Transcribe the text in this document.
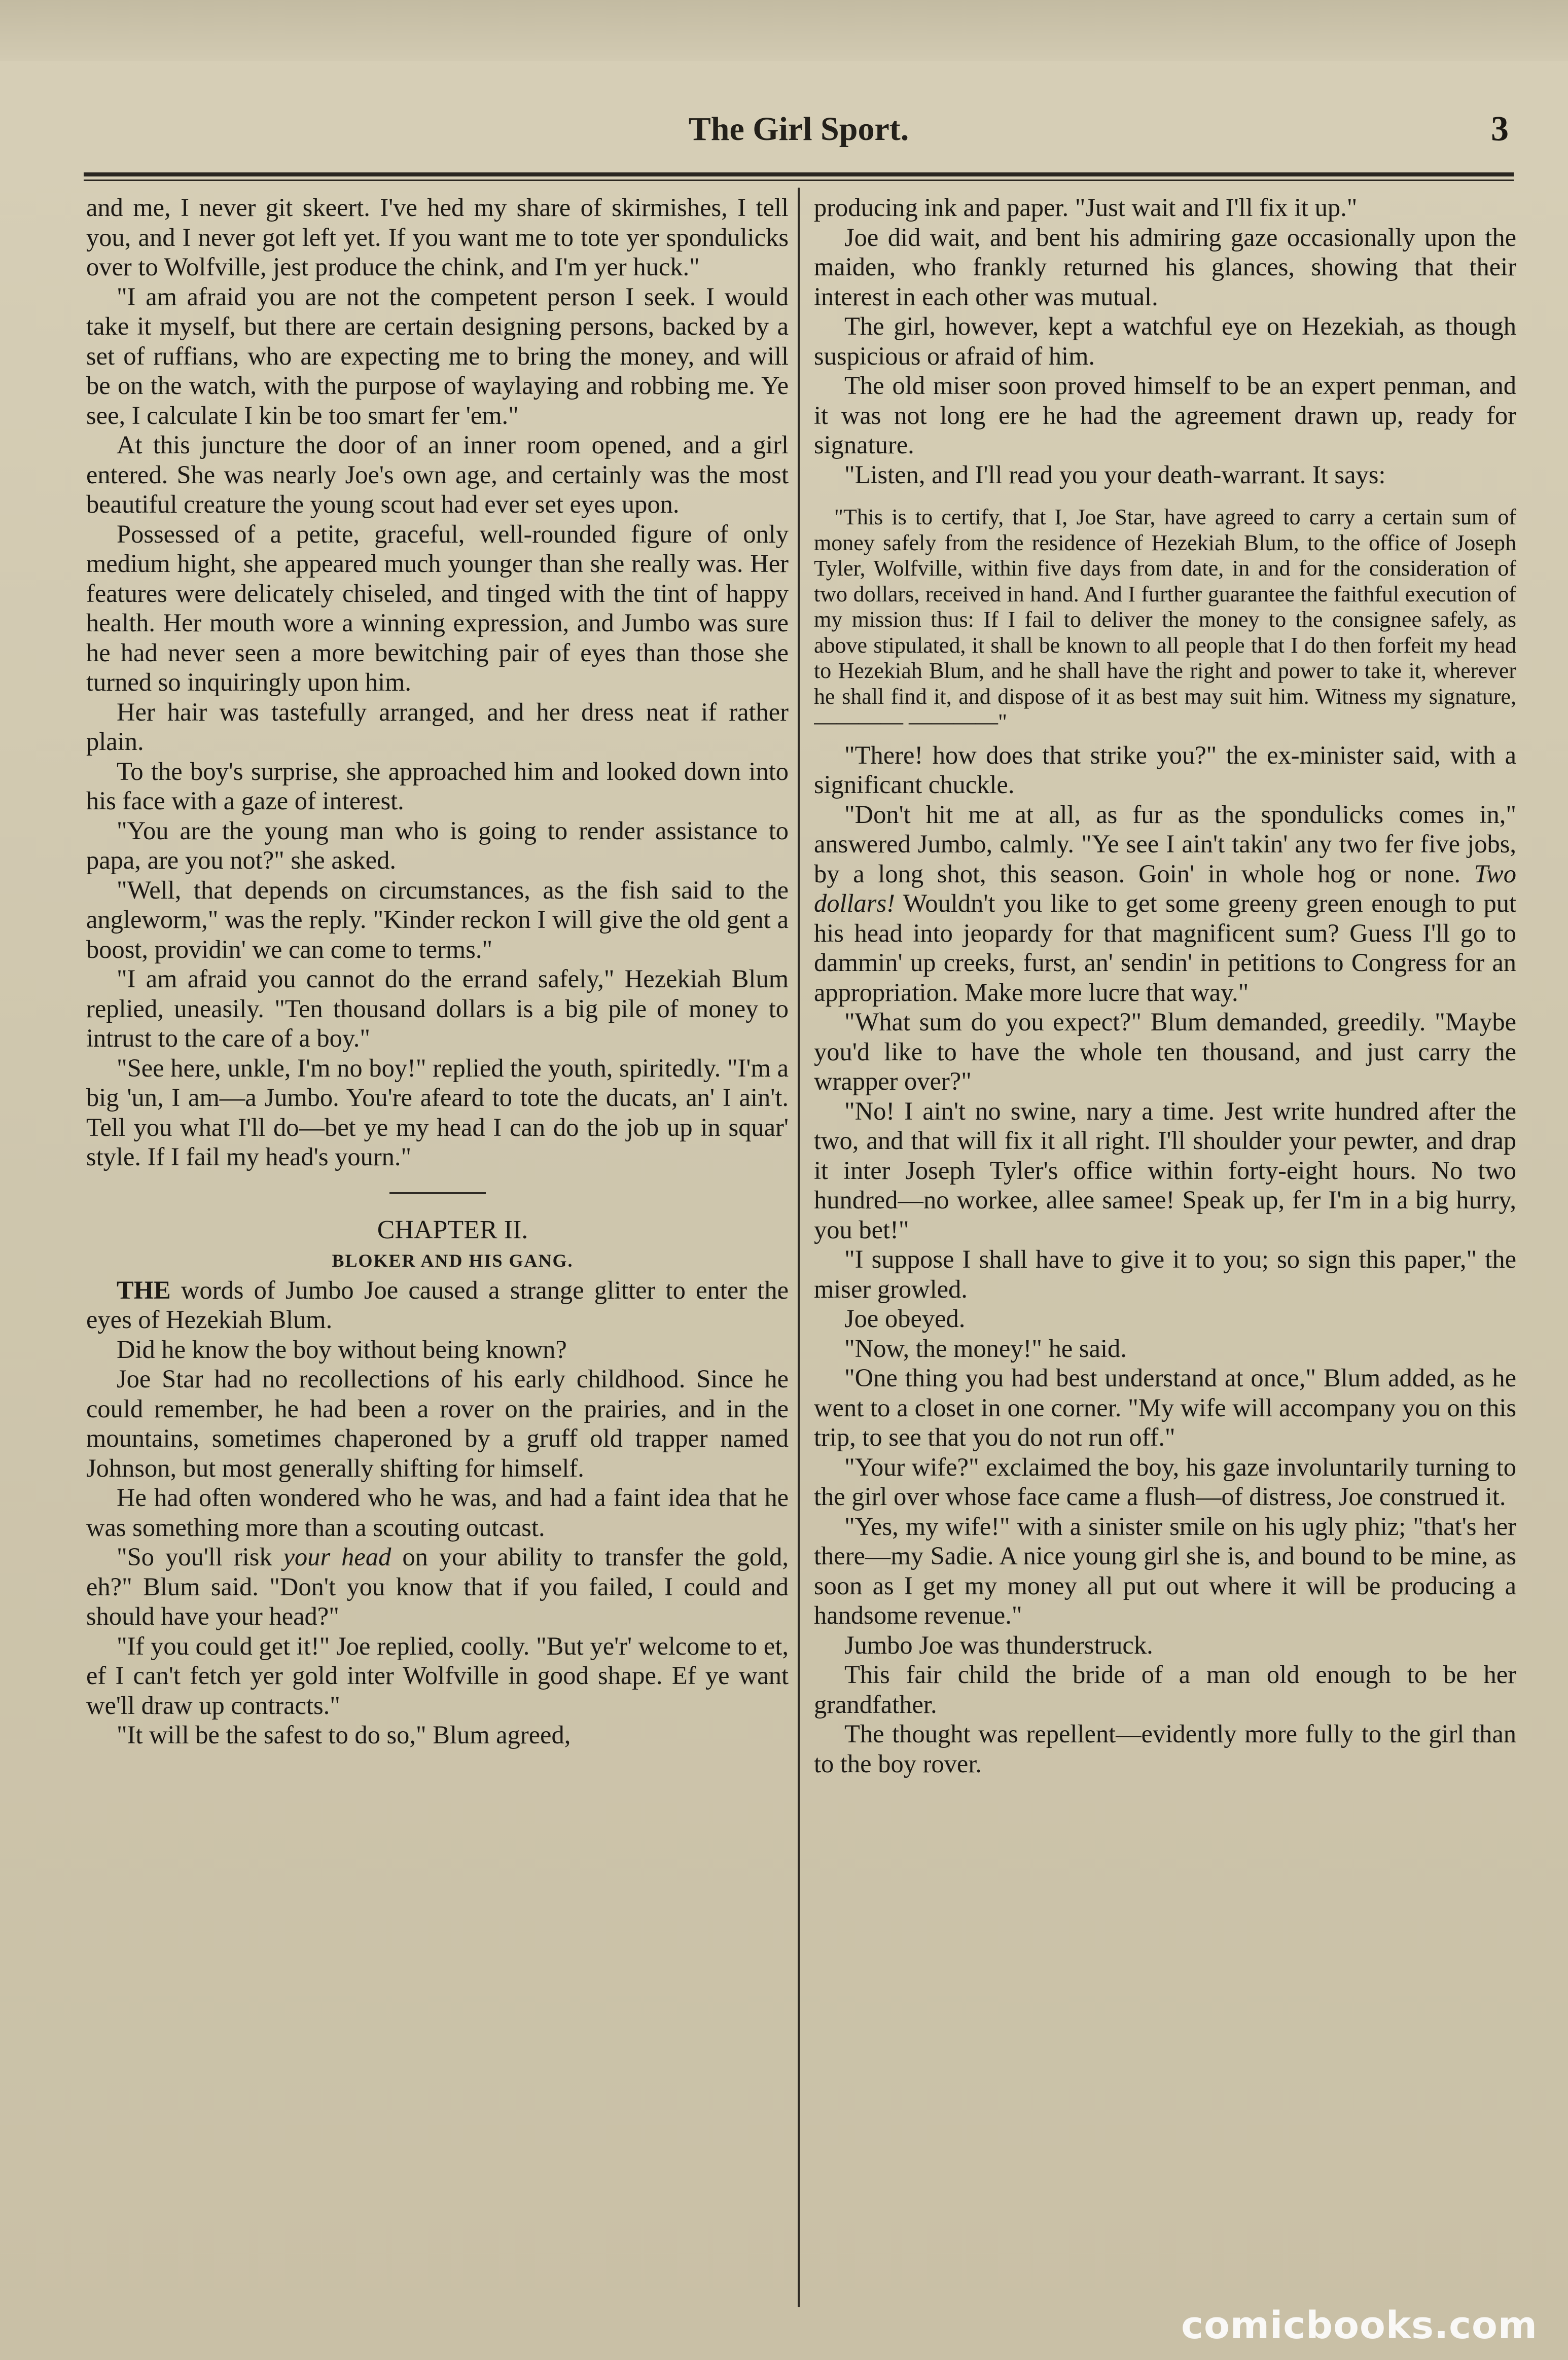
The Girl Sport.	3

and me, I never git skeert. I've hed my share of skirmishes, I tell you, and I never got left yet. If you want me to tote yer spondulicks over to Wolfville, jest produce the chink, and I'm yer huck."

"I am afraid you are not the competent person I seek. I would take it myself, but there are certain designing persons, backed by a set of ruffians, who are expecting me to bring the money, and will be on the watch, with the purpose of waylaying and robbing me. Ye see, I calculate I kin be too smart fer 'em."

At this juncture the door of an inner room opened, and a girl entered. She was nearly Joe's own age, and certainly was the most beautiful creature the young scout had ever set eyes upon.

Possessed of a petite, graceful, well-rounded figure of only medium hight, she appeared much younger than she really was. Her features were delicately chiseled, and tinged with the tint of happy health. Her mouth wore a winning expression, and Jumbo was sure he had never seen a more bewitching pair of eyes than those she turned so inquiringly upon him.

Her hair was tastefully arranged, and her dress neat if rather plain.

To the boy's surprise, she approached him and looked down into his face with a gaze of interest.

"You are the young man who is going to render assistance to papa, are you not?" she asked.

"Well, that depends on circumstances, as the fish said to the angleworm," was the reply. "Kinder reckon I will give the old gent a boost, providin' we can come to terms."

"I am afraid you cannot do the errand safely," Hezekiah Blum replied, uneasily. "Ten thousand dollars is a big pile of money to intrust to the care of a boy."

"See here, unkle, I'm no boy!" replied the youth, spiritedly. "I'm a big 'un, I am—a Jumbo. You're afeard to tote the ducats, an' I ain't. Tell you what I'll do—bet ye my head I can do the job up in squar' style. If I fail my head's yourn."

CHAPTER II.

BLOKER AND HIS GANG.

THE words of Jumbo Joe caused a strange glitter to enter the eyes of Hezekiah Blum.

Did he know the boy without being known?

Joe Star had no recollections of his early childhood. Since he could remember, he had been a rover on the prairies, and in the mountains, sometimes chaperoned by a gruff old trapper named Johnson, but most generally shifting for himself.

He had often wondered who he was, and had a faint idea that he was something more than a scouting outcast.

"So you'll risk your head on your ability to transfer the gold, eh?" Blum said. "Don't you know that if you failed, I could and should have your head?"

"If you could get it!" Joe replied, coolly. "But ye'r' welcome to et, ef I can't fetch yer gold inter Wolfville in good shape. Ef ye want we'll draw up contracts."

"It will be the safest to do so," Blum agreed,

producing ink and paper. "Just wait and I'll fix it up."

Joe did wait, and bent his admiring gaze occasionally upon the maiden, who frankly returned his glances, showing that their interest in each other was mutual.

The girl, however, kept a watchful eye on Hezekiah, as though suspicious or afraid of him.

The old miser soon proved himself to be an expert penman, and it was not long ere he had the agreement drawn up, ready for signature.

"Listen, and I'll read you your death-warrant. It says:

"This is to certify, that I, Joe Star, have agreed to carry a certain sum of money safely from the residence of Hezekiah Blum, to the office of Joseph Tyler, Wolfville, within five days from date, in and for the consideration of two dollars, received in hand. And I further guarantee the faithful execution of my mission thus: If I fail to deliver the money to the consignee safely, as above stipulated, it shall be known to all people that I do then forfeit my head to Hezekiah Blum, and he shall have the right and power to take it, wherever he shall find it, and dispose of it as best may suit him. Witness my signature, ———— ————"

"There! how does that strike you?" the ex-minister said, with a significant chuckle.

"Don't hit me at all, as fur as the spondulicks comes in," answered Jumbo, calmly. "Ye see I ain't takin' any two fer five jobs, by a long shot, this season. Goin' in whole hog or none. Two dollars! Wouldn't you like to get some greeny green enough to put his head into jeopardy for that magnificent sum? Guess I'll go to dammin' up creeks, furst, an' sendin' in petitions to Congress for an appropriation. Make more lucre that way."

"What sum do you expect?" Blum demanded, greedily. "Maybe you'd like to have the whole ten thousand, and just carry the wrapper over?"

"No! I ain't no swine, nary a time. Jest write hundred after the two, and that will fix it all right. I'll shoulder your pewter, and drap it inter Joseph Tyler's office within forty-eight hours. No two hundred—no workee, allee samee! Speak up, fer I'm in a big hurry, you bet!"

"I suppose I shall have to give it to you; so sign this paper," the miser growled.

Joe obeyed.

"Now, the money!" he said.

"One thing you had best understand at once," Blum added, as he went to a closet in one corner. "My wife will accompany you on this trip, to see that you do not run off."

"Your wife?" exclaimed the boy, his gaze involuntarily turning to the girl over whose face came a flush—of distress, Joe construed it.

"Yes, my wife!" with a sinister smile on his ugly phiz; "that's her there—my Sadie. A nice young girl she is, and bound to be mine, as soon as I get my money all put out where it will be producing a handsome revenue."

Jumbo Joe was thunderstruck.

This fair child the bride of a man old enough to be her grandfather.

The thought was repellent—evidently more fully to the girl than to the boy rover.

comicbooks.com
